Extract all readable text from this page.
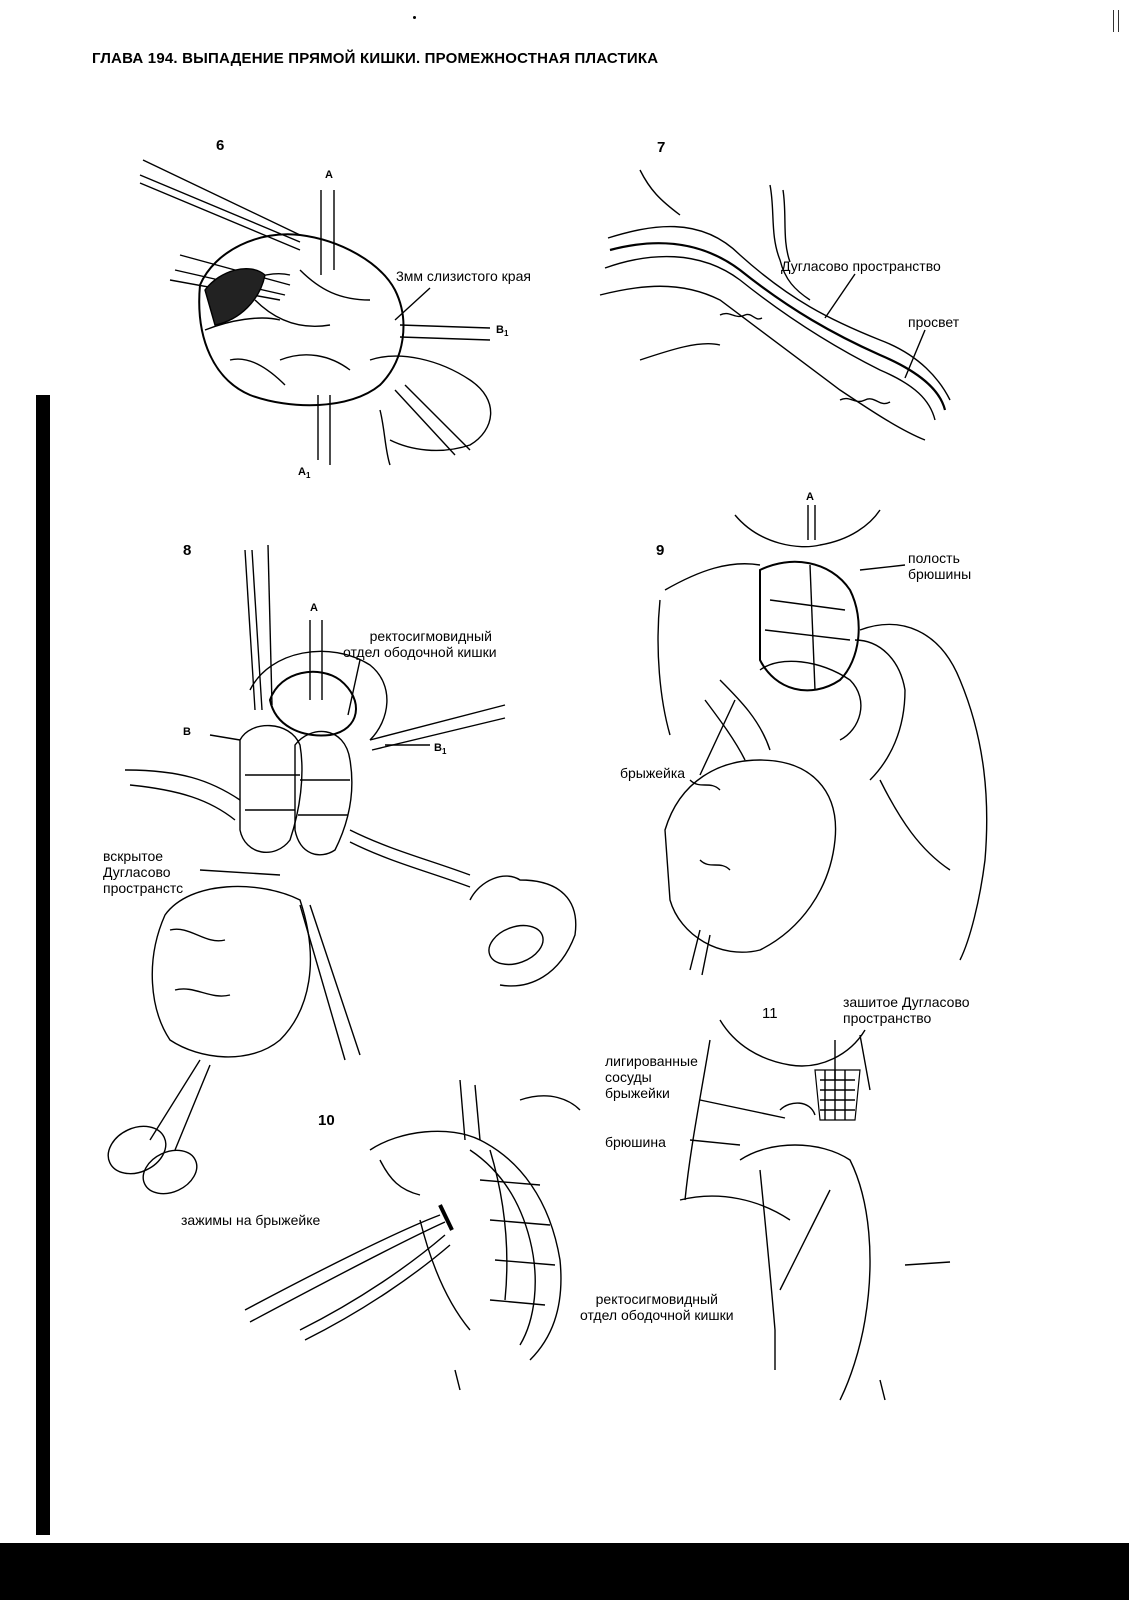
ГЛАВА 194. ВЫПАДЕНИЕ ПРЯМОЙ КИШКИ. ПРОМЕЖНОСТНАЯ ПЛАСТИКА
6
A
3мм слизистого края
$B_1$
$A_1$
7
Дугласово пространство
просвет
8
A
ректосигмовидный
отдел ободочной кишки
B
$B_1$
вскрытое
Дугласово
пространстс
9
A
полость
брюшины
брыжейка
10
зажимы на брыжейке
11
зашитое Дугласово
пространство
лигированные
сосуды
брыжейки
брюшина
ректосигмовидный
отдел ободочной кишки
